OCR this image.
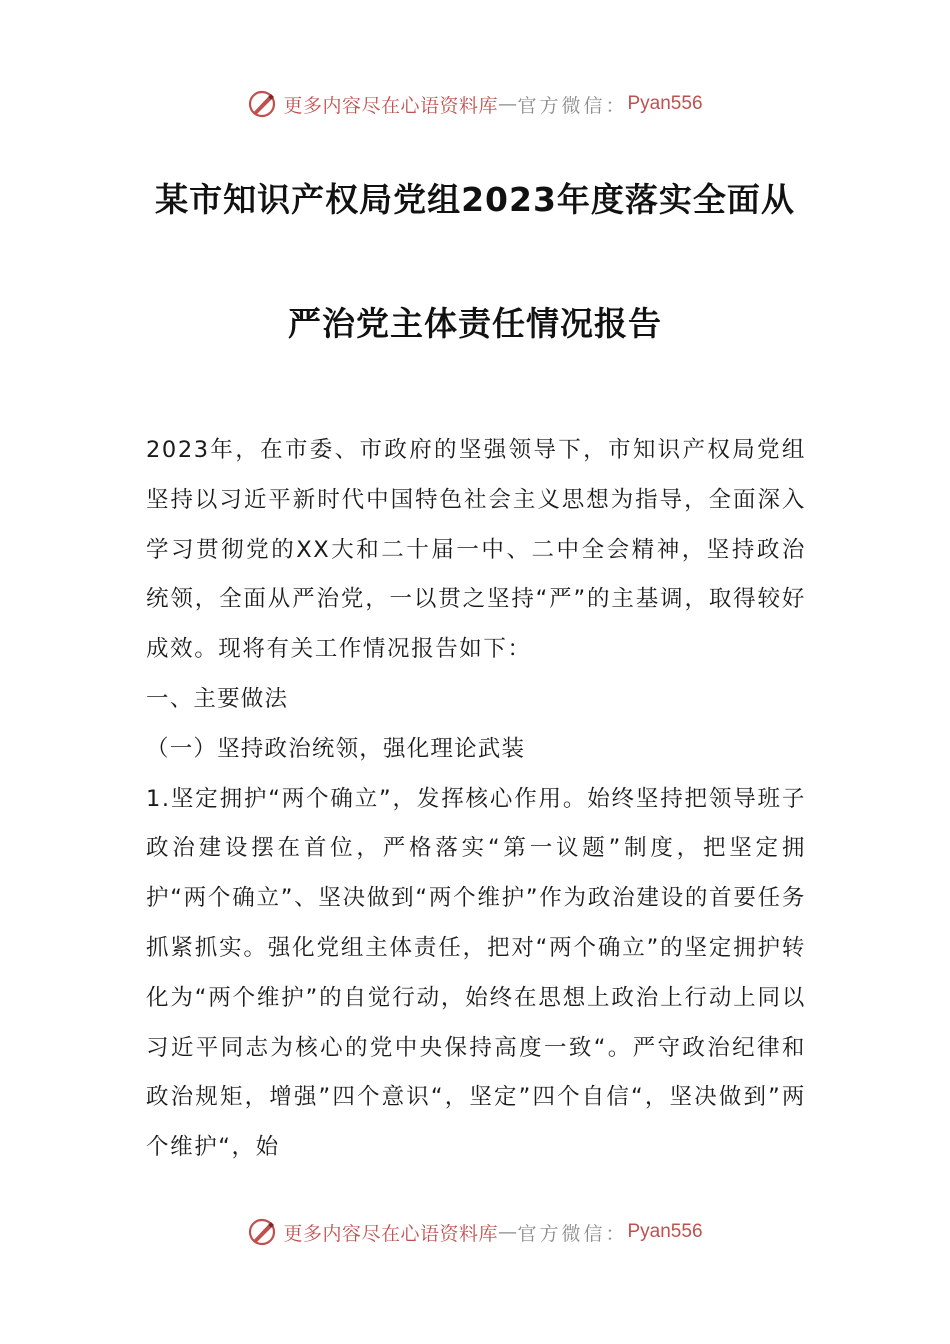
更多内容尽在心语资料库 — 官方微信： Pyan556
某市知识产权局党组2023年度落实全面从
严治党主体责任情况报告

2023年，在市委、市政府的坚强领导下，市知识产权局党组坚持以习近平新时代中国特色社会主义思想为指导，全面深入学习贯彻党的XX大和二十届一中、二中全会精神，坚持政治统领，全面从严治党，一以贯之坚持“严”的主基调，取得较好成效。现将有关工作情况报告如下：

一、主要做法

（一）坚持政治统领，强化理论武装

1.坚定拥护“两个确立”，发挥核心作用。始终坚持把领导班子政治建设摆在首位，严格落实“第一议题”制度，把坚定拥护“两个确立”、坚决做到“两个维护”作为政治建设的首要任务抓紧抓实。强化党组主体责任，把对“两个确立”的坚定拥护转化为“两个维护”的自觉行动，始终在思想上政治上行动上同以习近平同志为核心的党中央保持高度一致“。严守政治纪律和政治规矩，增强”四个意识“，坚定”四个自信“，坚决做到”两个维护“，始

更多内容尽在心语资料库 — 官方微信： Pyan556
